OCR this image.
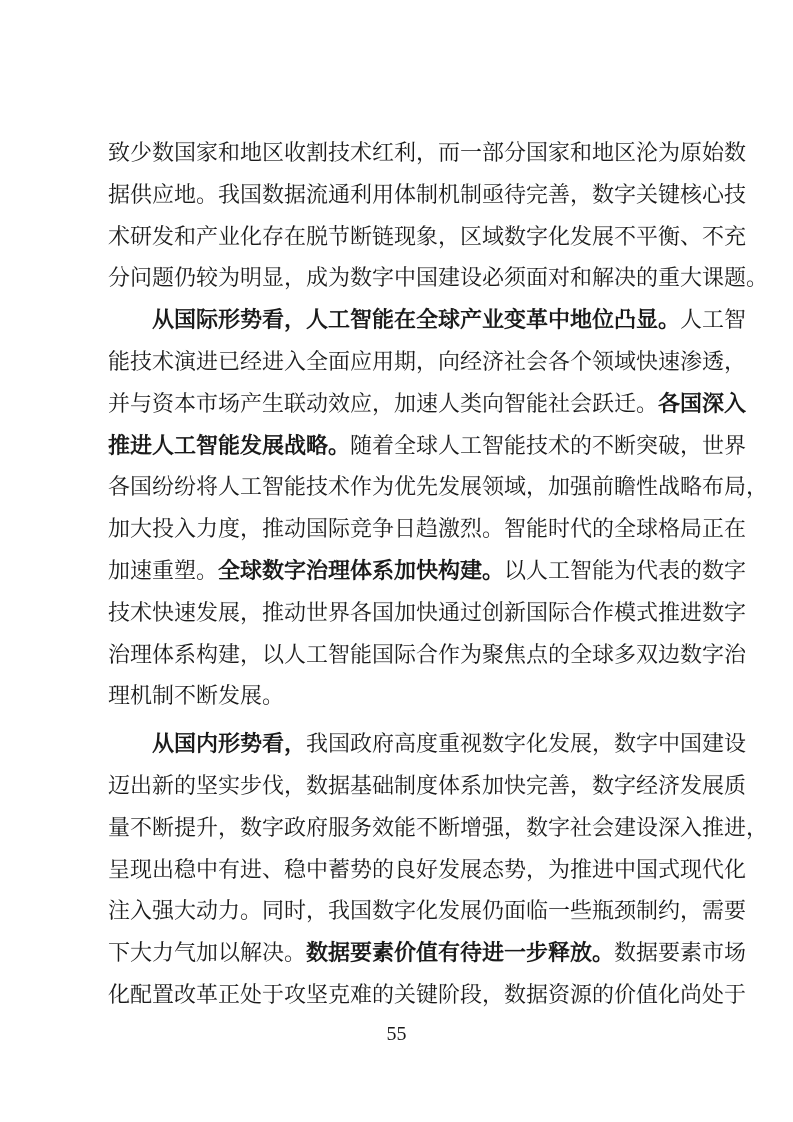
致少数国家和地区收割技术红利，而一部分国家和地区沦为原始数
据供应地。我国数据流通利用体制机制亟待完善，数字关键核心技
术研发和产业化存在脱节断链现象，区域数字化发展不平衡、不充
分问题仍较为明显，成为数字中国建设必须面对和解决的重大课题。
从国际形势看，人工智能在全球产业变革中地位凸显。人工智
能技术演进已经进入全面应用期，向经济社会各个领域快速渗透，
并与资本市场产生联动效应，加速人类向智能社会跃迁。各国深入
推进人工智能发展战略。随着全球人工智能技术的不断突破，世界
各国纷纷将人工智能技术作为优先发展领域，加强前瞻性战略布局，
加大投入力度，推动国际竞争日趋激烈。智能时代的全球格局正在
加速重塑。全球数字治理体系加快构建。以人工智能为代表的数字
技术快速发展，推动世界各国加快通过创新国际合作模式推进数字
治理体系构建，以人工智能国际合作为聚焦点的全球多双边数字治
理机制不断发展。
从国内形势看，我国政府高度重视数字化发展，数字中国建设
迈出新的坚实步伐，数据基础制度体系加快完善，数字经济发展质
量不断提升，数字政府服务效能不断增强，数字社会建设深入推进，
呈现出稳中有进、稳中蓄势的良好发展态势，为推进中国式现代化
注入强大动力。同时，我国数字化发展仍面临一些瓶颈制约，需要
下大力气加以解决。数据要素价值有待进一步释放。数据要素市场
化配置改革正处于攻坚克难的关键阶段，数据资源的价值化尚处于
55
